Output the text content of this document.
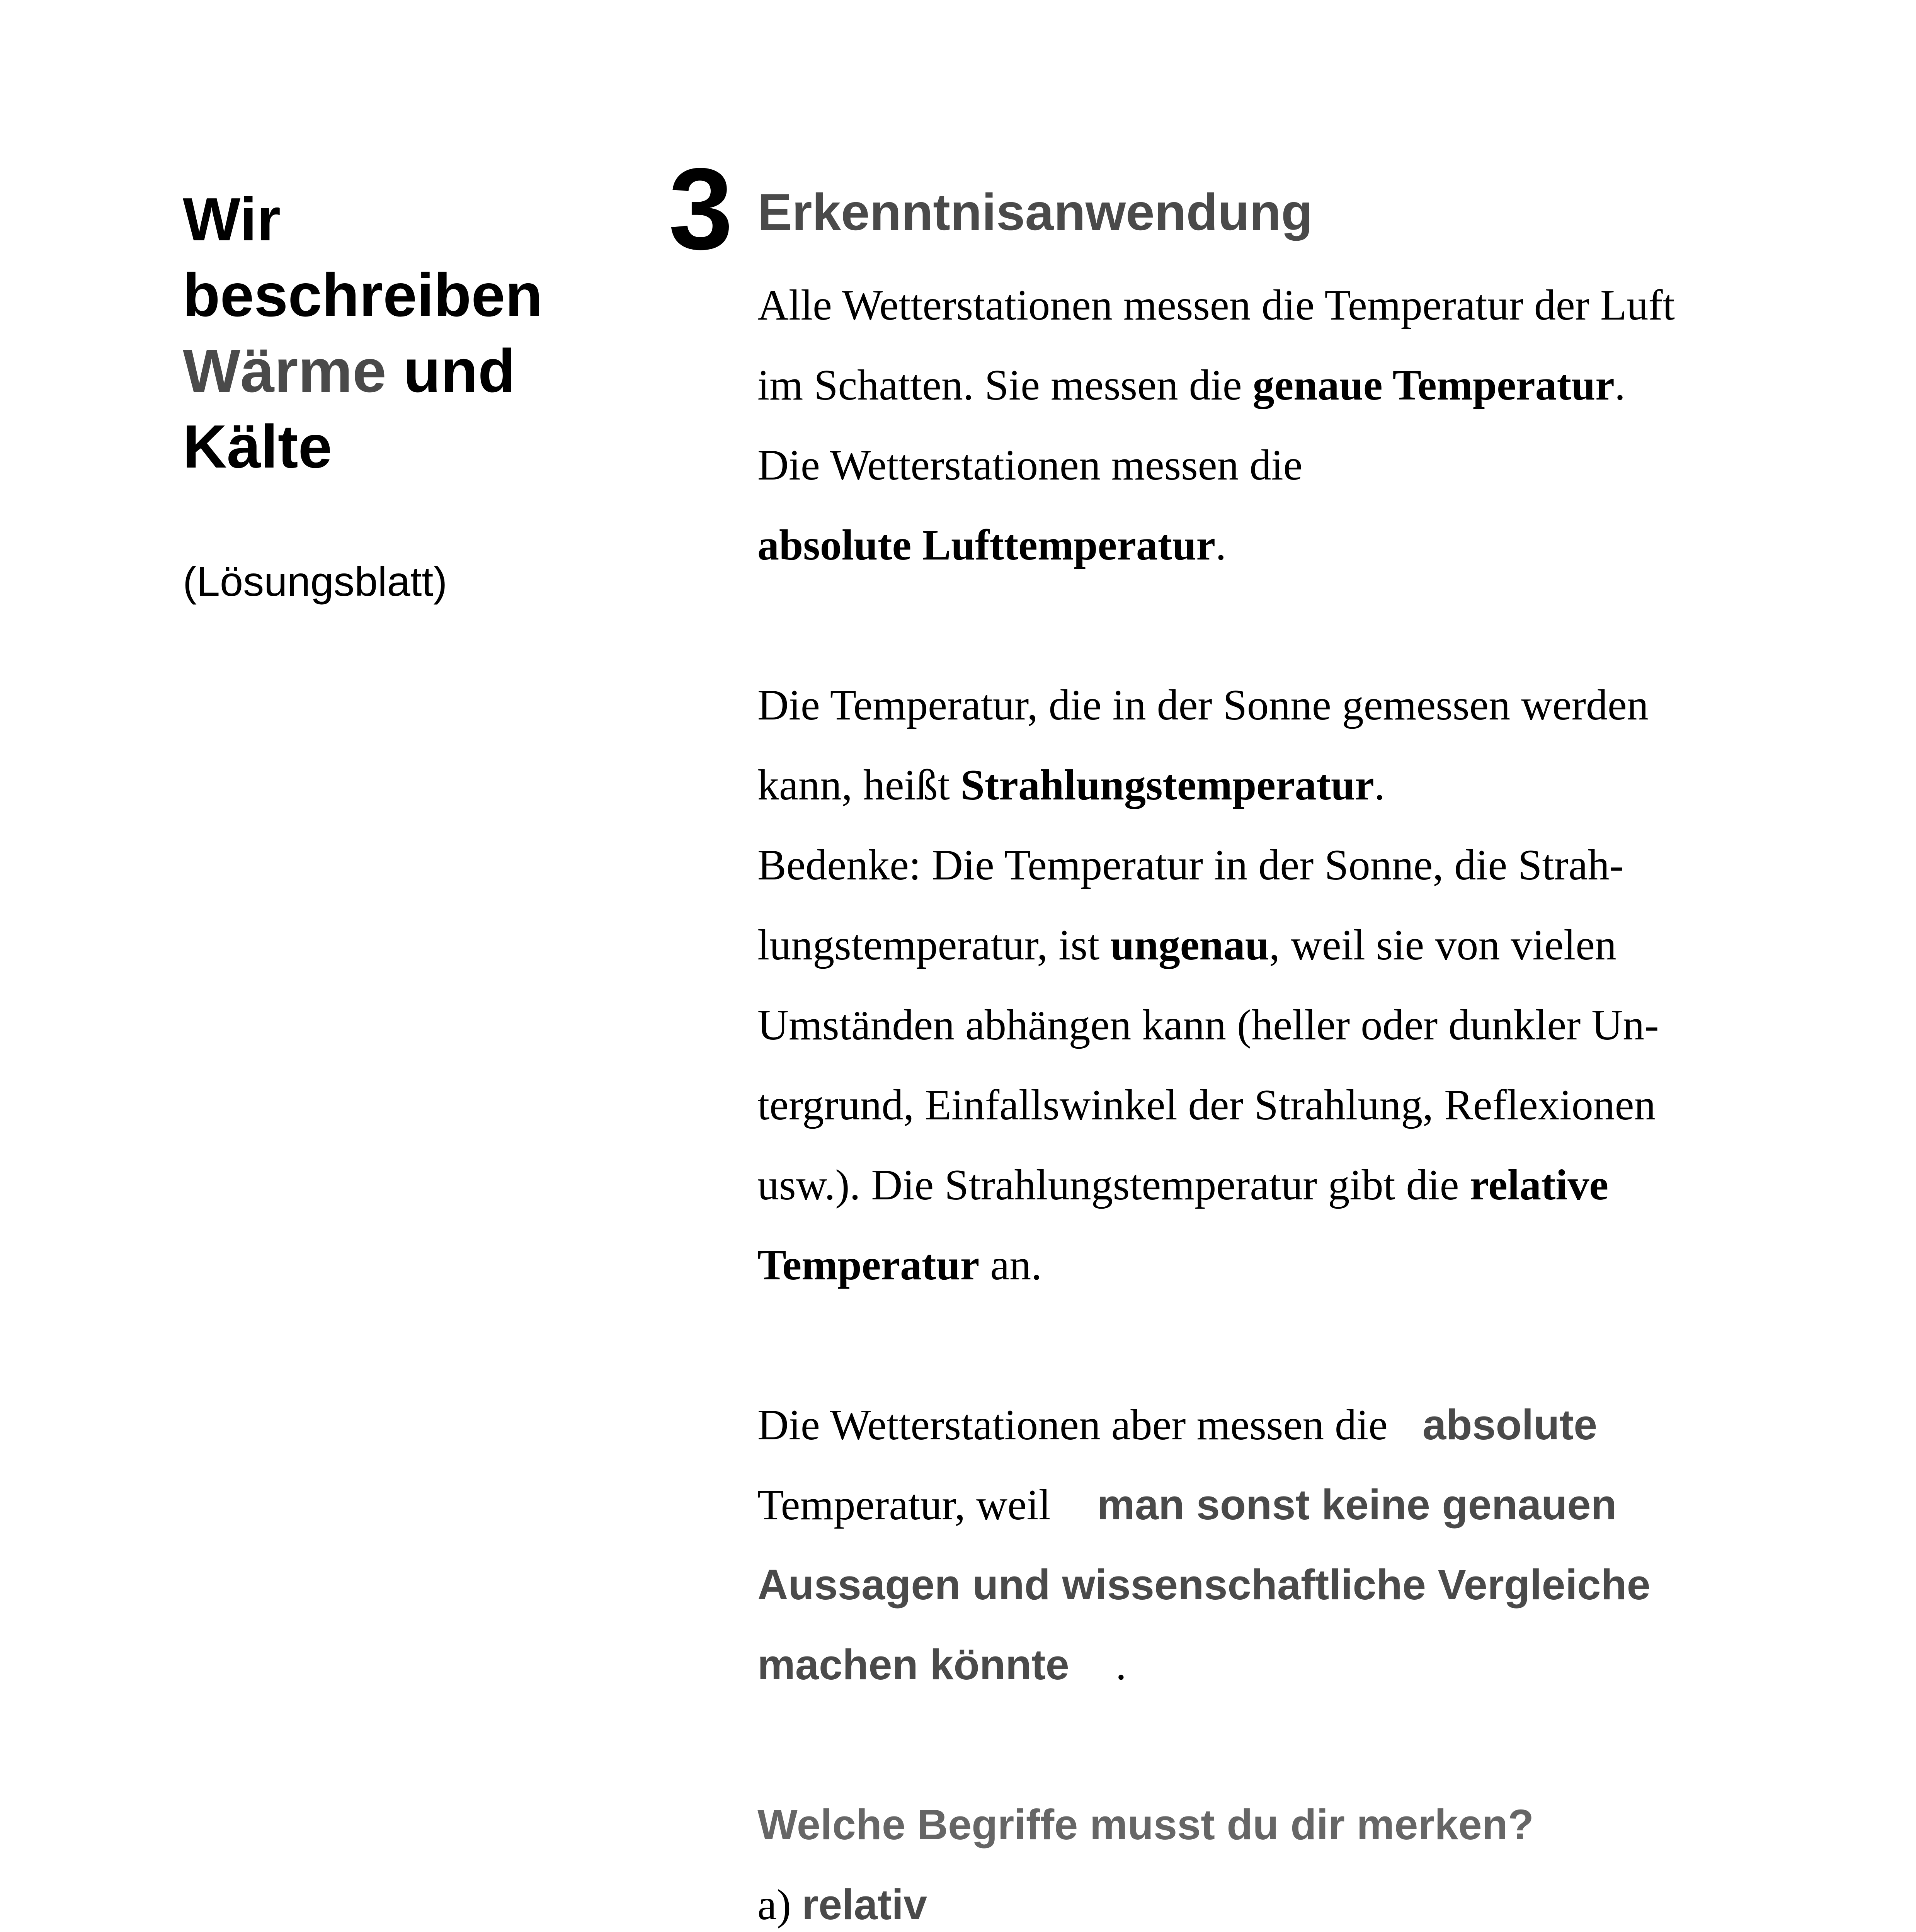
Wir
beschreiben
Wärme und
Kälte
(Lösungsblatt)
3 Erkenntnisanwendung
Alle Wetterstationen messen die Temperatur der Luft
im Schatten. Sie messen die genaue Temperatur.
Die Wetterstationen messen die
absolute Lufttemperatur.
Die Temperatur, die in der Sonne gemessen werden
kann, heißt Strahlungstemperatur.
Bedenke: Die Temperatur in der Sonne, die Strah-
lungstemperatur, ist ungenau, weil sie von vielen
Umständen abhängen kann (heller oder dunkler Un-
tergrund, Einfallswinkel der Strahlung, Reflexionen
usw.). Die Strahlungstemperatur gibt die relative
Temperatur an.
Die Wetterstationen aber messen die absolute
Temperatur, weil man sonst keine genauen
Aussagen und wissenschaftliche Vergleiche
machen könnte .
Welche Begriffe musst du dir merken?
a) relativ
